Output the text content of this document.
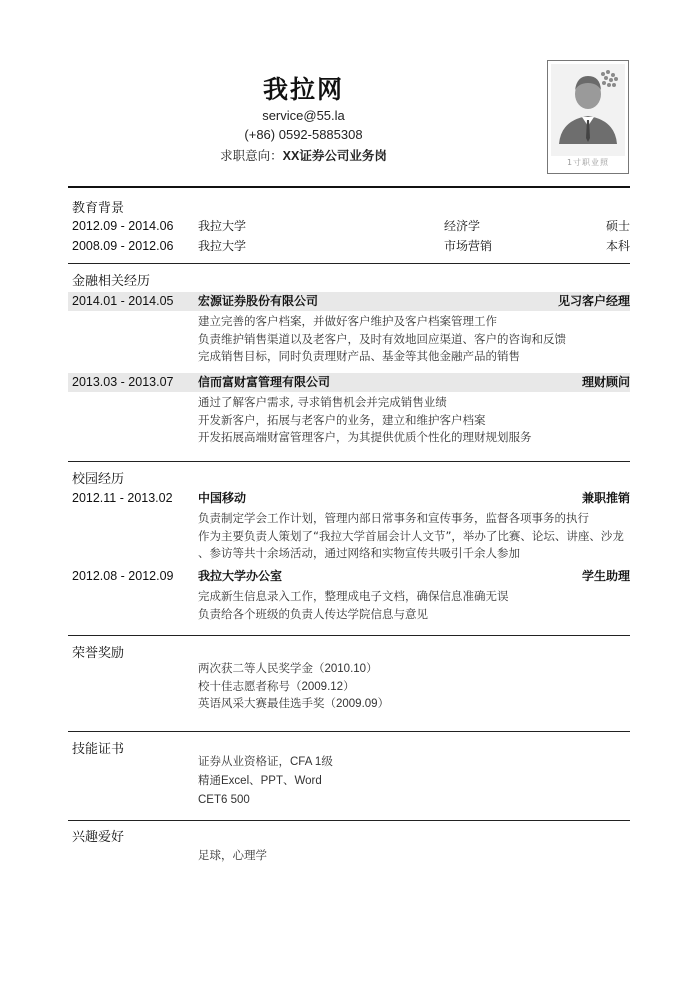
我拉网
service@55.la
(+86) 0592-5885308
求职意向：XX证券公司业务岗	1寸职业照
教育背景
2012.09 - 2014.06 我拉大学	经济学	硕士
2008.09 - 2012.06 我拉大学	市场营销	本科
金融相关经历
2014.01 - 2014.05 宏源证券股份有限公司	见习客户经理
建立完善的客户档案，并做好客户维护及客户档案管理工作
负责维护销售渠道以及老客户，及时有效地回应渠道、客户的咨询和反馈
完成销售目标，同时负责理财产品、基金等其他金融产品的销售
2013.03 - 2013.07 信而富财富管理有限公司	理财顾问
通过了解客户需求, 寻求销售机会并完成销售业绩
开发新客户，拓展与老客户的业务，建立和维护客户档案
开发拓展高端财富管理客户，为其提供优质个性化的理财规划服务
校园经历
2012.11 - 2013.02 中国移动	兼职推销
负责制定学会工作计划，管理内部日常事务和宣传事务，监督各项事务的执行
作为主要负责人策划了“我拉大学首届会计人文节”，举办了比赛、论坛、讲座、沙龙
、参访等共十余场活动，通过网络和实物宣传共吸引千余人参加
2012.08 - 2012.09 我拉大学办公室	学生助理
完成新生信息录入工作，整理成电子文档，确保信息准确无误
负责给各个班级的负责人传达学院信息与意见
荣誉奖励
两次获二等人民奖学金（2010.10）
校十佳志愿者称号（2009.12）
英语风采大赛最佳选手奖（2009.09）
技能证书
证券从业资格证，CFA 1级
精通Excel、PPT、Word
CET6 500
兴趣爱好
足球，心理学
